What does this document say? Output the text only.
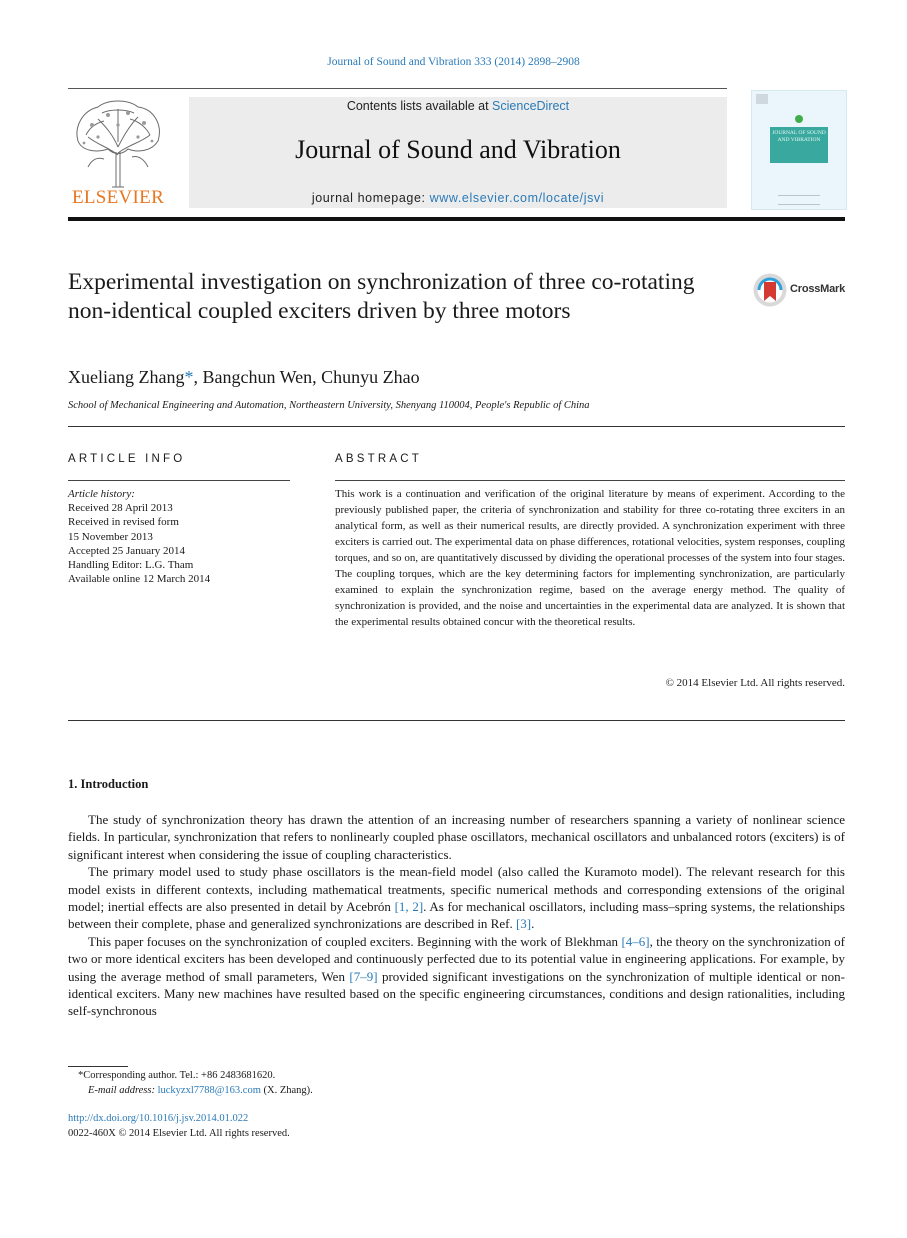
Journal of Sound and Vibration 333 (2014) 2898–2908
ELSEVIER
Contents lists available at ScienceDirect
Journal of Sound and Vibration
journal homepage: www.elsevier.com/locate/jsvi
JOURNAL OF SOUND AND VIBRATION
Experimental investigation on synchronization of three co-rotating non-identical coupled exciters driven by three motors
CrossMark
Xueliang Zhang*, Bangchun Wen, Chunyu Zhao
School of Mechanical Engineering and Automation, Northeastern University, Shenyang 110004, People's Republic of China
ARTICLE INFO	ABSTRACT
Article history:
Received 28 April 2013
Received in revised form
15 November 2013
Accepted 25 January 2014
Handling Editor: L.G. Tham
Available online 12 March 2014
This work is a continuation and verification of the original literature by means of experiment. According to the previously published paper, the criteria of synchronization and stability for three co-rotating three exciters in an analytical form, as well as their numerical results, are directly provided. A synchronization experiment with three exciters is carried out. The experimental data on phase differences, rotational velocities, system responses, coupling torques, and so on, are quantitatively discussed by dividing the operational processes of the system into four stages. The coupling torques, which are the key determining factors for implementing synchronization, are particularly examined to explain the synchronization regime, based on the average energy method. The quality of synchronization is provided, and the noise and uncertainties in the experimental data are analyzed. It is shown that the experimental results obtained concur with the theoretical results.
© 2014 Elsevier Ltd. All rights reserved.
1. Introduction

The study of synchronization theory has drawn the attention of an increasing number of researchers spanning a variety of nonlinear science fields. In particular, synchronization that refers to nonlinearly coupled phase oscillators, mechanical oscillators and unbalanced rotors (exciters) is of significant interest when considering the issue of coupling characteristics.

The primary model used to study phase oscillators is the mean-field model (also called the Kuramoto model). The relevant research for this model exists in different contexts, including mathematical treatments, specific numerical methods and corresponding extensions of the original model; inertial effects are also presented in detail by Acebrón [1, 2]. As for mechanical oscillators, including mass–spring systems, the relationships between their complete, phase and generalized synchronizations are described in Ref. [3].

This paper focuses on the synchronization of coupled exciters. Beginning with the work of Blekhman [4–6], the theory on the synchronization of two or more identical exciters has been developed and continuously perfected due to its potential value in engineering applications. For example, by using the average method of small parameters, Wen [7–9] provided significant investigations on the synchronization of multiple identical or non-identical exciters. Many new machines have resulted based on the specific engineering circumstances, conditions and design rationalities, including self-synchronous

*Corresponding author. Tel.: +86 2483681620.
E-mail address: luckyzxl7788@163.com (X. Zhang).
http://dx.doi.org/10.1016/j.jsv.2014.01.022
0022-460X © 2014 Elsevier Ltd. All rights reserved.
